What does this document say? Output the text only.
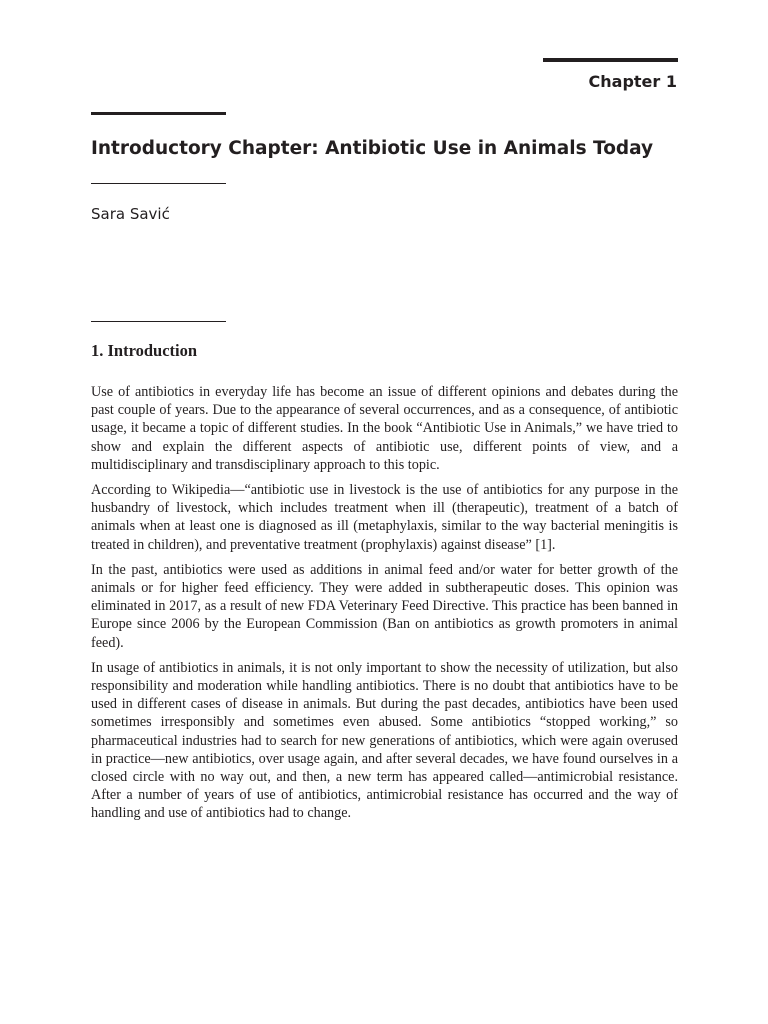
Chapter 1
Introductory Chapter: Antibiotic Use in Animals Today

Sara Savić

1. Introduction

Use of antibiotics in everyday life has become an issue of different opinions and debates during the past couple of years. Due to the appearance of several occurrences, and as a consequence, of antibiotic usage, it became a topic of different studies. In the book “Antibiotic Use in Animals,” we have tried to show and explain the different aspects of antibiotic use, different points of view, and a multidisciplinary and transdisciplinary approach to this topic.

According to Wikipedia—“antibiotic use in livestock is the use of antibiotics for any purpose in the husbandry of livestock, which includes treatment when ill (therapeutic), treatment of a batch of animals when at least one is diagnosed as ill (metaphylaxis, similar to the way bacterial meningitis is treated in children), and preventative treatment (prophylaxis) against disease” [1].

In the past, antibiotics were used as additions in animal feed and/or water for better growth of the animals or for higher feed efficiency. They were added in subtherapeutic doses. This opinion was eliminated in 2017, as a result of new FDA Veterinary Feed Directive. This practice has been banned in Europe since 2006 by the European Commission (Ban on antibiotics as growth promoters in animal feed).

In usage of antibiotics in animals, it is not only important to show the necessity of utilization, but also responsibility and moderation while handling antibiotics. There is no doubt that antibiotics have to be used in different cases of disease in animals. But during the past decades, antibiotics have been used sometimes irresponsibly and sometimes even abused. Some antibiotics “stopped working,” so pharmaceutical industries had to search for new generations of antibiotics, which were again overused in practice—new antibiotics, over usage again, and after several decades, we have found ourselves in a closed circle with no way out, and then, a new term has appeared called—antimicrobial resistance. After a number of years of use of antibiotics, antimicrobial resistance has occurred and the way of handling and use of antibiotics had to change.
